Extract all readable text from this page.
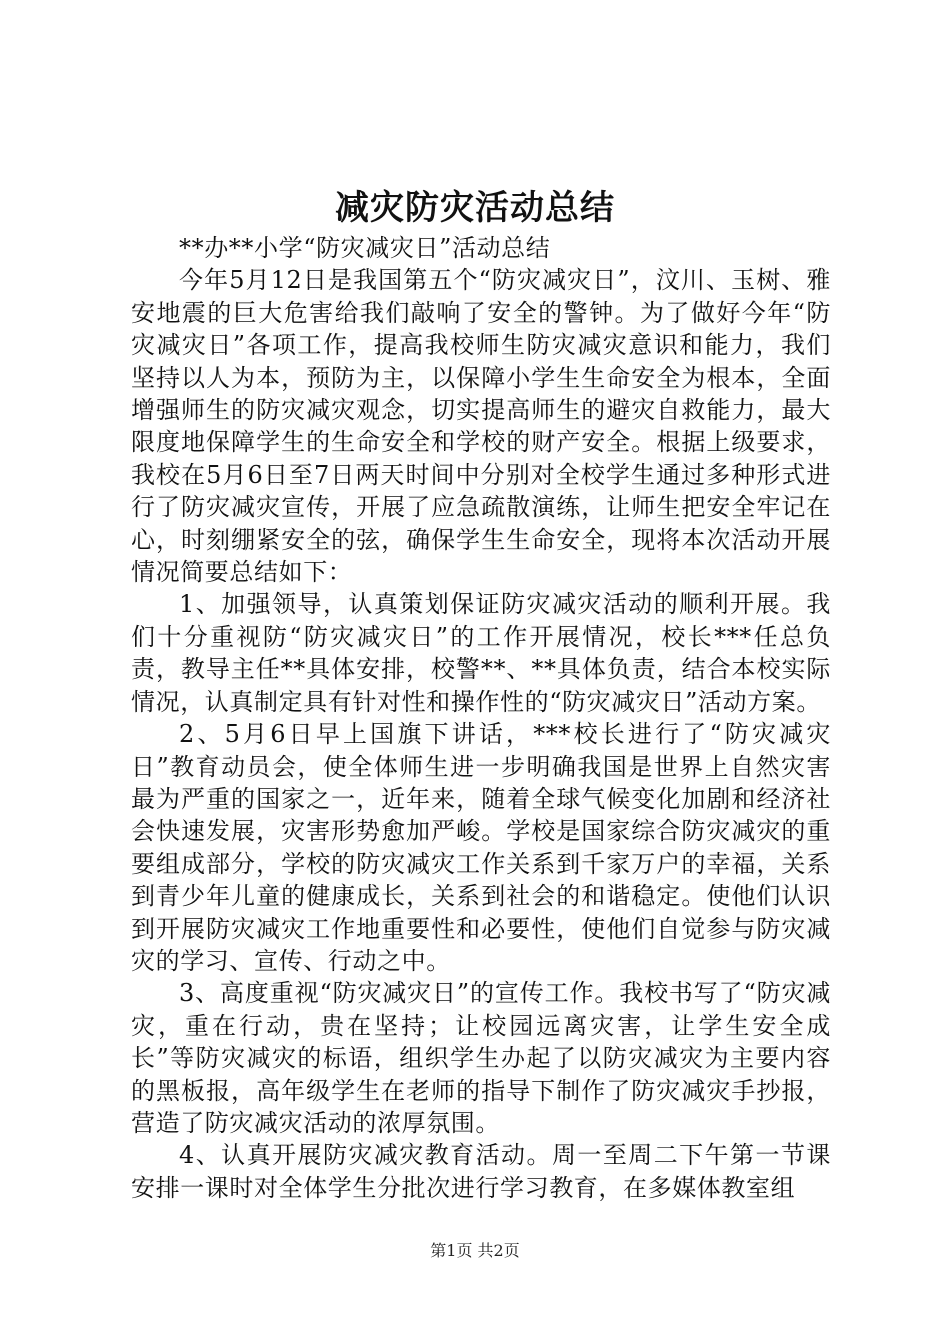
减灾防灾活动总结

**办**小学“防灾减灾日”活动总结

今年5月12日是我国第五个“防灾减灾日”，汶川、玉树、雅安地震的巨大危害给我们敲响了安全的警钟。为了做好今年“防灾减灾日”各项工作，提高我校师生防灾减灾意识和能力，我们坚持以人为本，预防为主，以保障小学生生命安全为根本，全面增强师生的防灾减灾观念，切实提高师生的避灾自救能力，最大限度地保障学生的生命安全和学校的财产安全。根据上级要求，我校在5月6日至7日两天时间中分别对全校学生通过多种形式进行了防灾减灾宣传，开展了应急疏散演练，让师生把安全牢记在心，时刻绷紧安全的弦，确保学生生命安全，现将本次活动开展情况简要总结如下：

1、加强领导，认真策划保证防灾减灾活动的顺利开展。我们十分重视防“防灾减灾日”的工作开展情况，校长***任总负责，教导主任**具体安排，校警**、**具体负责，结合本校实际情况，认真制定具有针对性和操作性的“防灾减灾日”活动方案。

2、5月6日早上国旗下讲话，***校长进行了“防灾减灾日”教育动员会，使全体师生进一步明确我国是世界上自然灾害最为严重的国家之一，近年来，随着全球气候变化加剧和经济社会快速发展，灾害形势愈加严峻。学校是国家综合防灾减灾的重要组成部分，学校的防灾减灾工作关系到千家万户的幸福，关系到青少年儿童的健康成长，关系到社会的和谐稳定。使他们认识到开展防灾减灾工作地重要性和必要性，使他们自觉参与防灾减灾的学习、宣传、行动之中。

3、高度重视“防灾减灾日”的宣传工作。我校书写了“防灾减灾，重在行动，贵在坚持；让校园远离灾害，让学生安全成长”等防灾减灾的标语，组织学生办起了以防灾减灾为主要内容的黑板报，高年级学生在老师的指导下制作了防灾减灾手抄报，营造了防灾减灾活动的浓厚氛围。

4、认真开展防灾减灾教育活动。周一至周二下午第一节课安排一课时对全体学生分批次进行学习教育，在多媒体教室组

第1页 共2页
